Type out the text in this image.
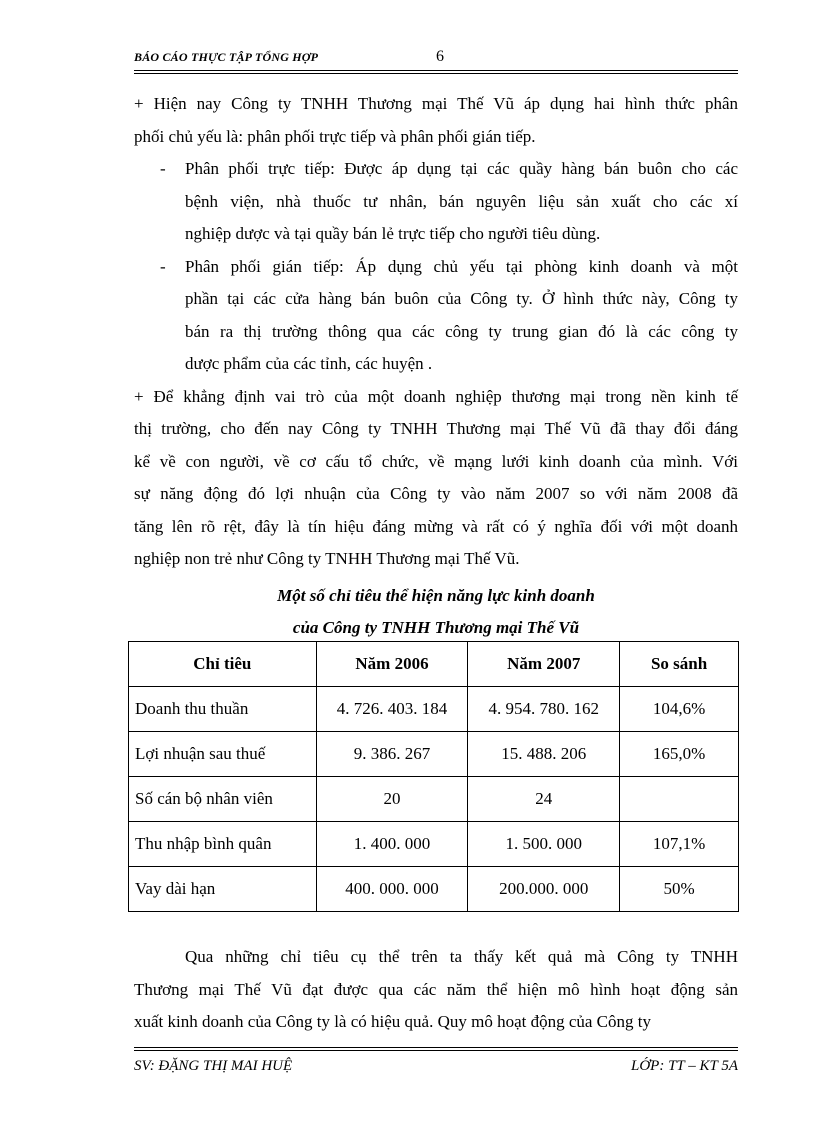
BÁO CÁO THỰC TẬP TỔNG HỢP	6

+ Hiện nay Công ty TNHH Thương mại Thế Vũ áp dụng hai hình thức phân
phối chủ yếu là: phân phối trực tiếp và phân phối gián tiếp.

- Phân phối trực tiếp: Được áp dụng tại các quầy hàng bán buôn cho các
bệnh viện, nhà thuốc tư nhân, bán nguyên liệu sản xuất cho các xí
nghiệp dược và tại quầy bán lẻ trực tiếp cho người tiêu dùng.
- Phân phối gián tiếp: Áp dụng chủ yếu tại phòng kinh doanh và một
phần tại các cửa hàng bán buôn của Công ty. Ở hình thức này, Công ty
bán ra thị trường thông qua các công ty trung gian đó là các công ty
dược phẩm của các tỉnh, các huyện .

+ Để khẳng định vai trò của một doanh nghiệp thương mại trong nền kinh tế
thị trường, cho đến nay Công ty TNHH Thương mại Thế Vũ đã thay đổi đáng
kể về con người, về cơ cấu tổ chức, về mạng lưới kinh doanh của mình. Với
sự năng động đó lợi nhuận của Công ty vào năm 2007 so với năm 2008 đã
tăng lên rõ rệt, đây là tín hiệu đáng mừng và rất có ý nghĩa đối với một doanh
nghiệp non trẻ như Công ty TNHH Thương mại Thế Vũ.

Một số chỉ tiêu thể hiện năng lực kinh doanh

của Công ty TNHH Thương mại Thế Vũ

Chỉ tiêu	Năm 2006	Năm 2007	So sánh
Doanh thu thuần	4. 726. 403. 184	4. 954. 780. 162	104,6%
Lợi nhuận sau thuế	9. 386. 267	15. 488. 206	165,0%
Số cán bộ nhân viên	20	24	
Thu nhập bình quân	1. 400. 000	1. 500. 000	107,1%
Vay dài hạn	400. 000. 000	200.000. 000	50%
Qua những chỉ tiêu cụ thể trên ta thấy kết quả mà Công ty TNHH
Thương mại Thế Vũ đạt được qua các năm thể hiện mô hình hoạt động sản
xuất kinh doanh của Công ty là có hiệu quả. Quy mô hoạt động của Công ty
SV: ĐẶNG THỊ MAI HUỆ	LỚP: TT – KT 5A
